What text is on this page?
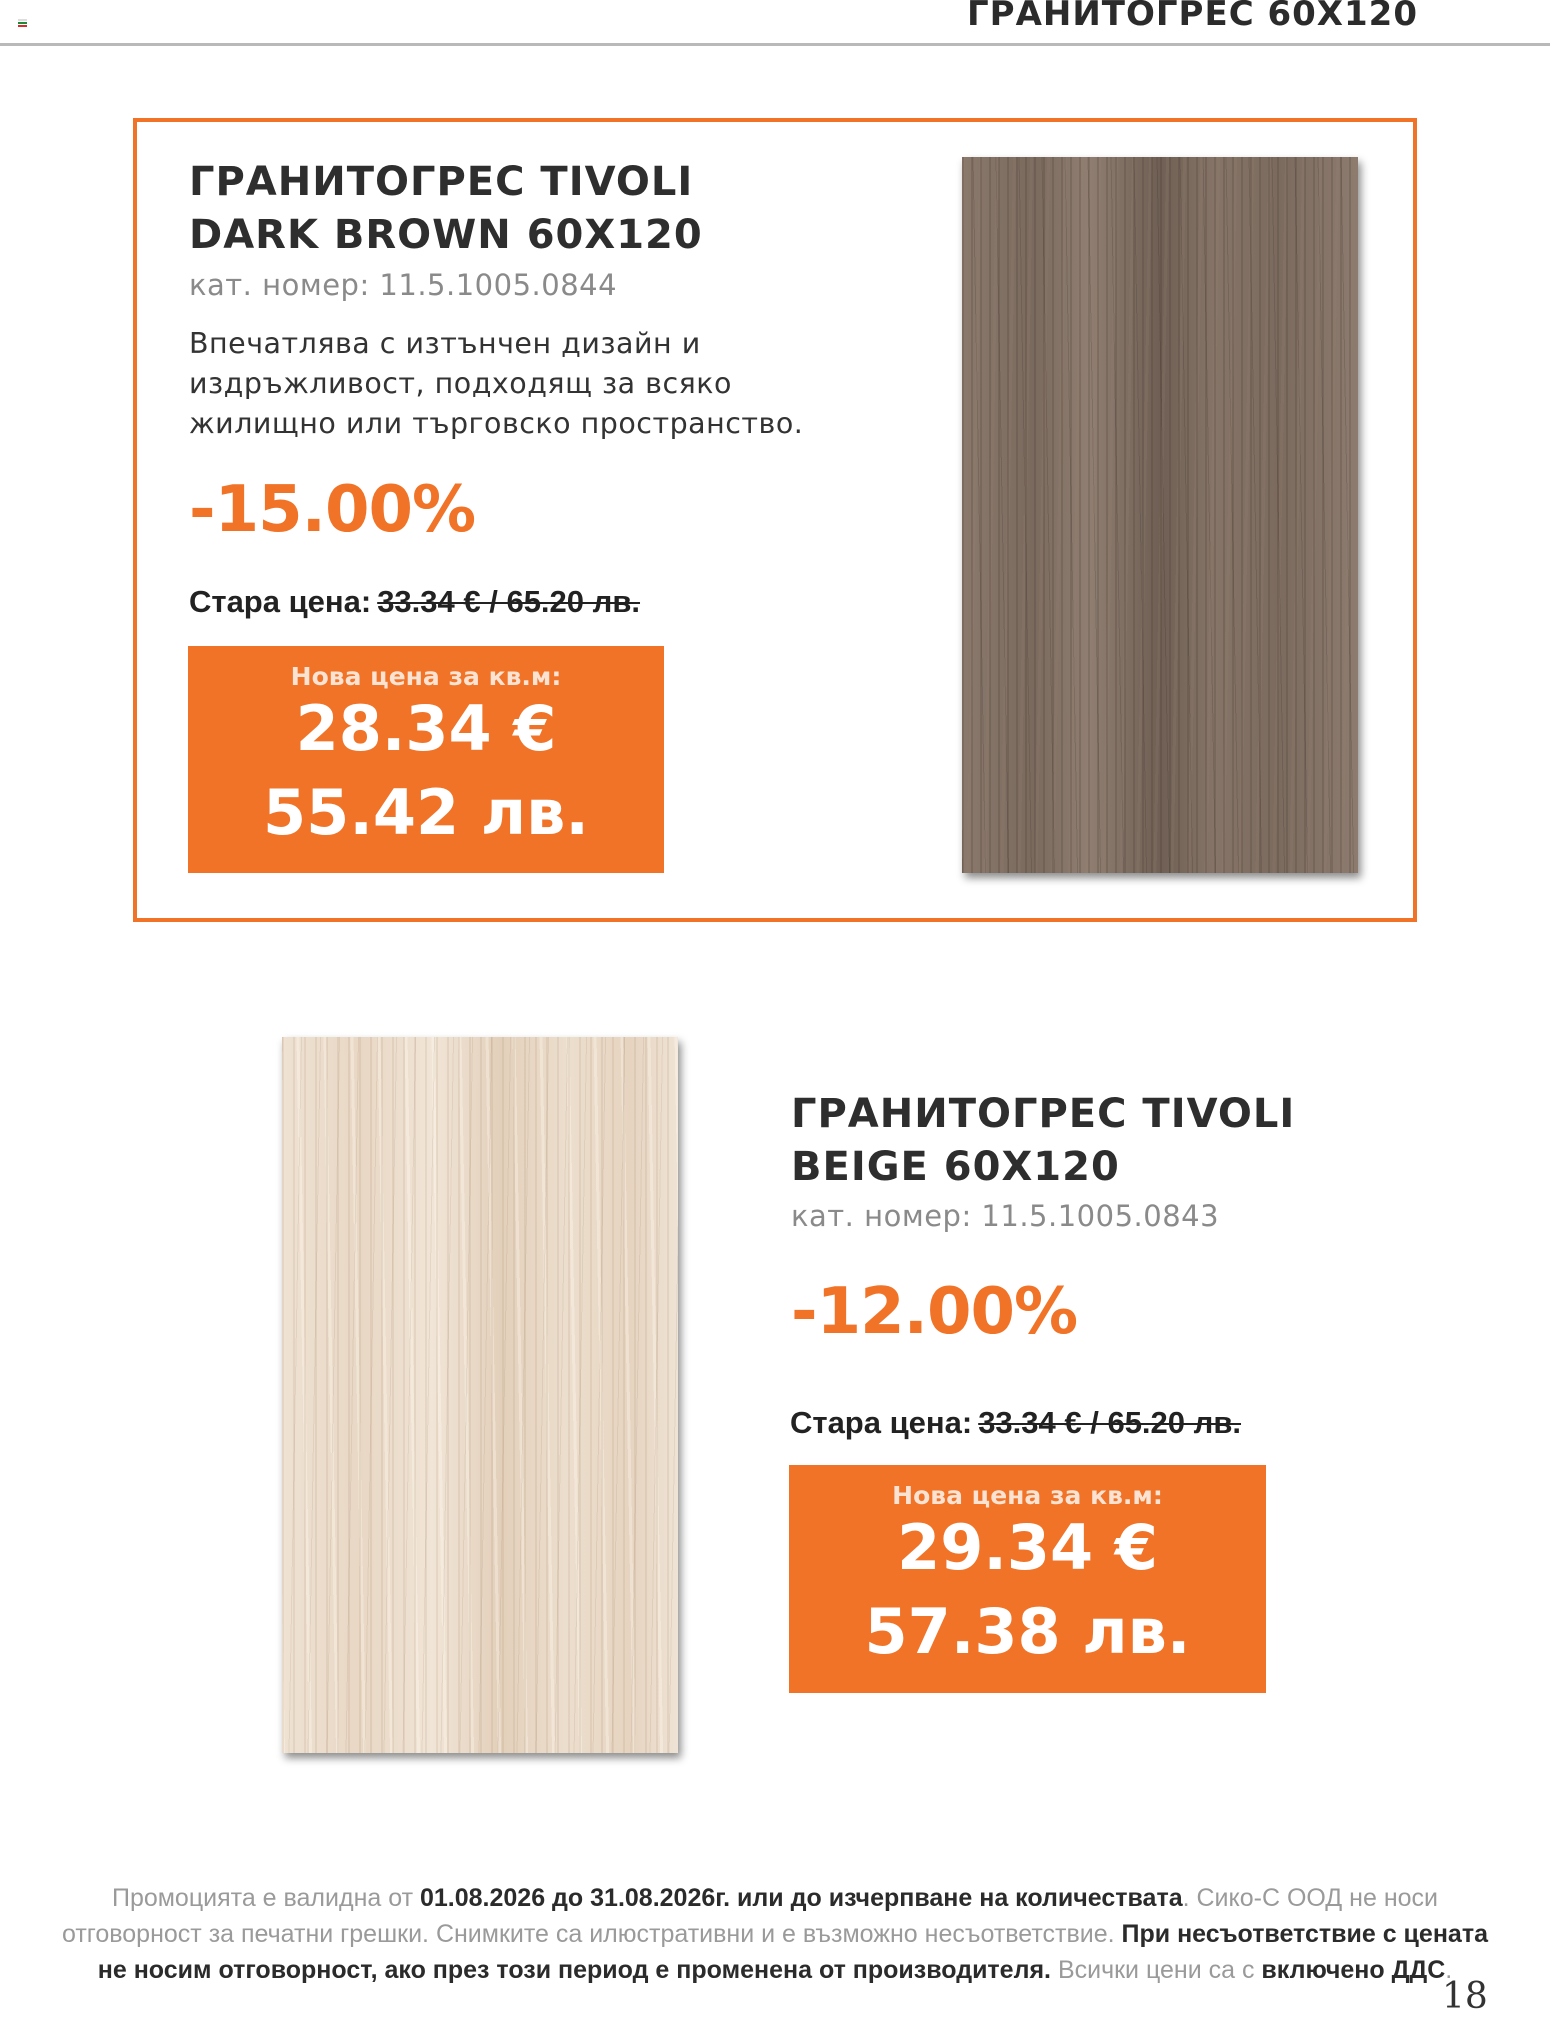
ГРАНИТОГРЕС 60X120
ГРАНИТОГРЕС TIVOLI
DARK BROWN 60X120
кат. номер: 11.5.1005.0844
Впечатлява с изтънчен дизайн и
издръжливост, подходящ за всяко
жилищно или търговско пространство.
-15.00%
Стара цена: 33.34 € / 65.20 лв.
Нова цена за кв.м:
28.34 €
55.42 лв.
ГРАНИТОГРЕС TIVOLI
BEIGE 60X120
кат. номер: 11.5.1005.0843
-12.00%
Стара цена: 33.34 € / 65.20 лв.
Нова цена за кв.м:
29.34 €
57.38 лв.
Промоцията е валидна от 01.08.2026 до 31.08.2026г. или до изчерпване на количествата. Сико-С ООД не носи отговорност за печатни грешки. Снимките са илюстративни и е възможно несъответствие. При несъответствие с цената не носим отговорност, ако през този период е променена от производителя. Всички цени са с включено ДДС.
18
